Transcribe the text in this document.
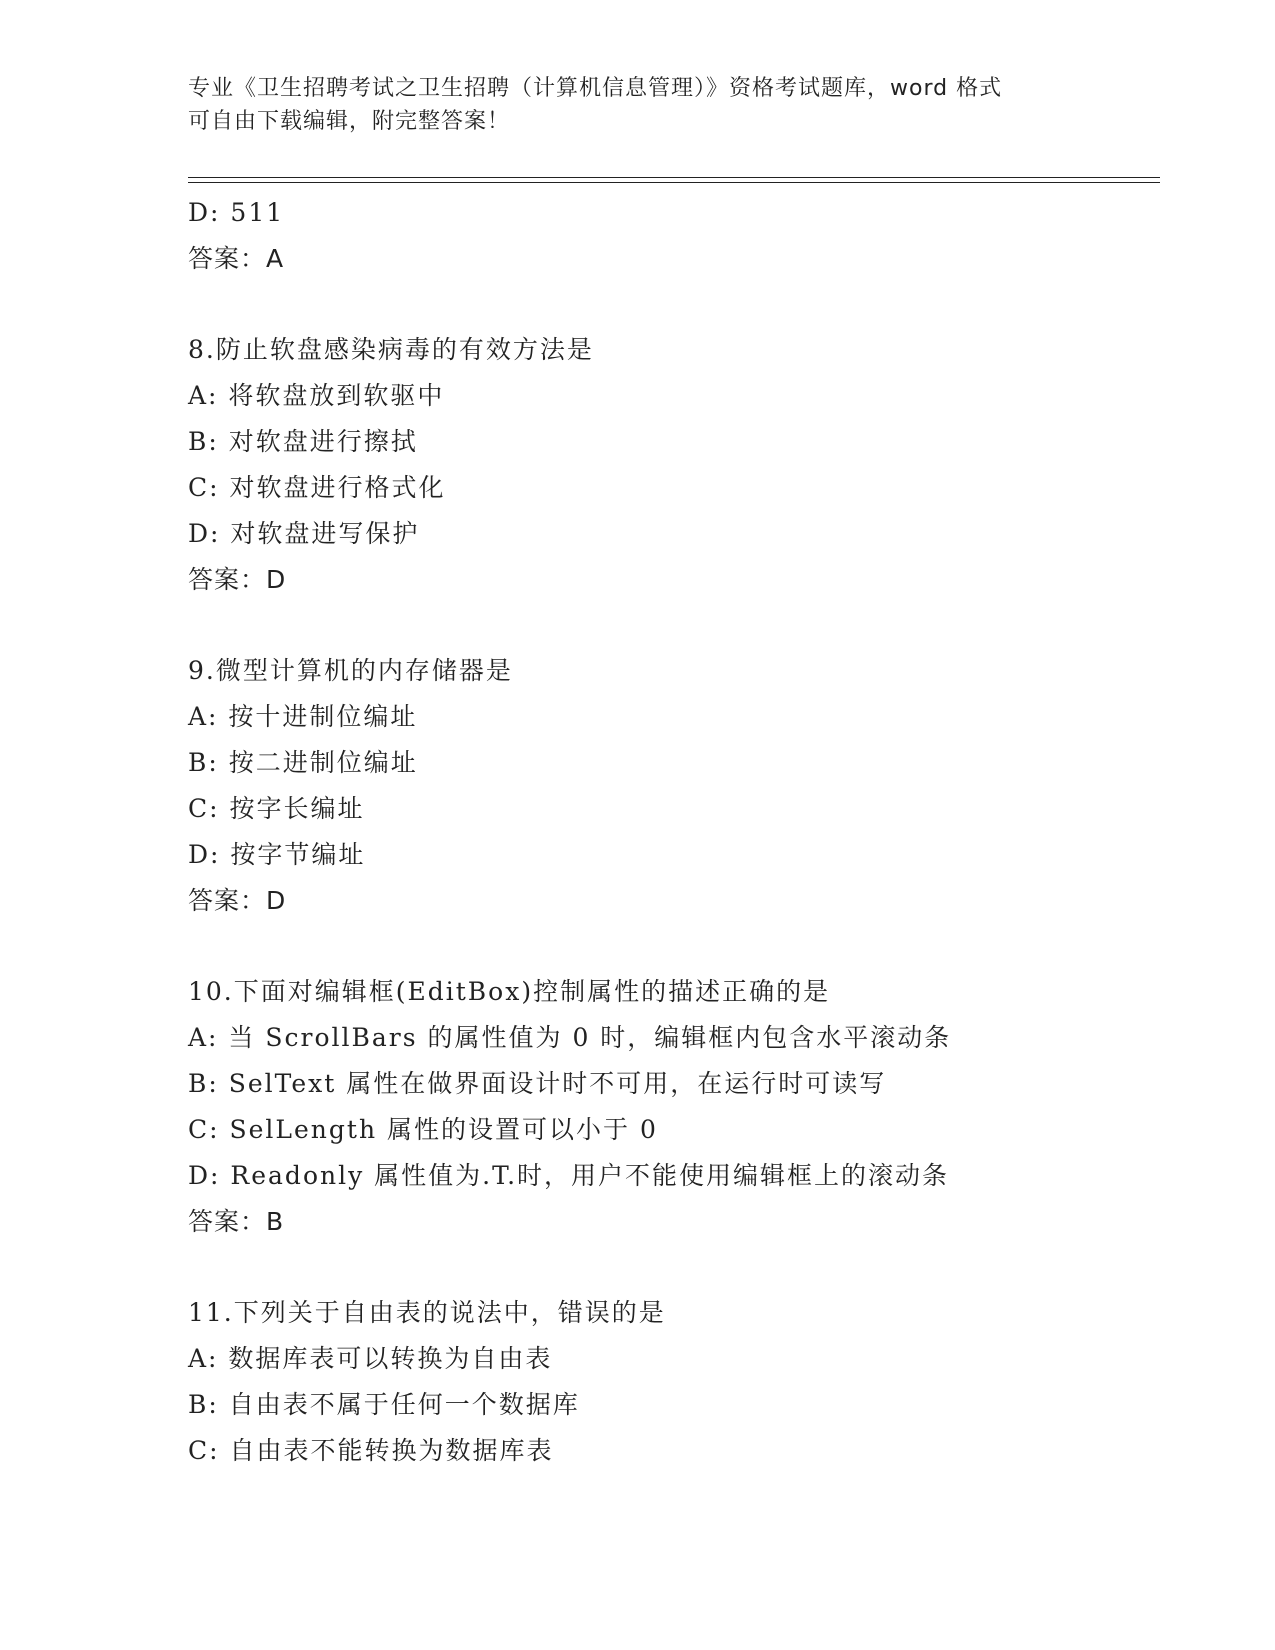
专业《卫生招聘考试之卫生招聘（计算机信息管理）》资格考试题库，word 格式
可自由下载编辑，附完整答案！
D: 511
答案：A
8.防止软盘感染病毒的有效方法是
A: 将软盘放到软驱中
B: 对软盘进行擦拭
C: 对软盘进行格式化
D: 对软盘进写保护
答案：D
9.微型计算机的内存储器是
A: 按十进制位编址
B: 按二进制位编址
C: 按字长编址
D: 按字节编址
答案：D
10.下面对编辑框(EditBox)控制属性的描述正确的是
A: 当 ScrollBars 的属性值为 0 时，编辑框内包含水平滚动条
B: SelText 属性在做界面设计时不可用，在运行时可读写
C: SelLength 属性的设置可以小于 0
D: Readonly 属性值为.T.时，用户不能使用编辑框上的滚动条
答案：B
11.下列关于自由表的说法中，错误的是
A: 数据库表可以转换为自由表
B: 自由表不属于任何一个数据库
C: 自由表不能转换为数据库表
